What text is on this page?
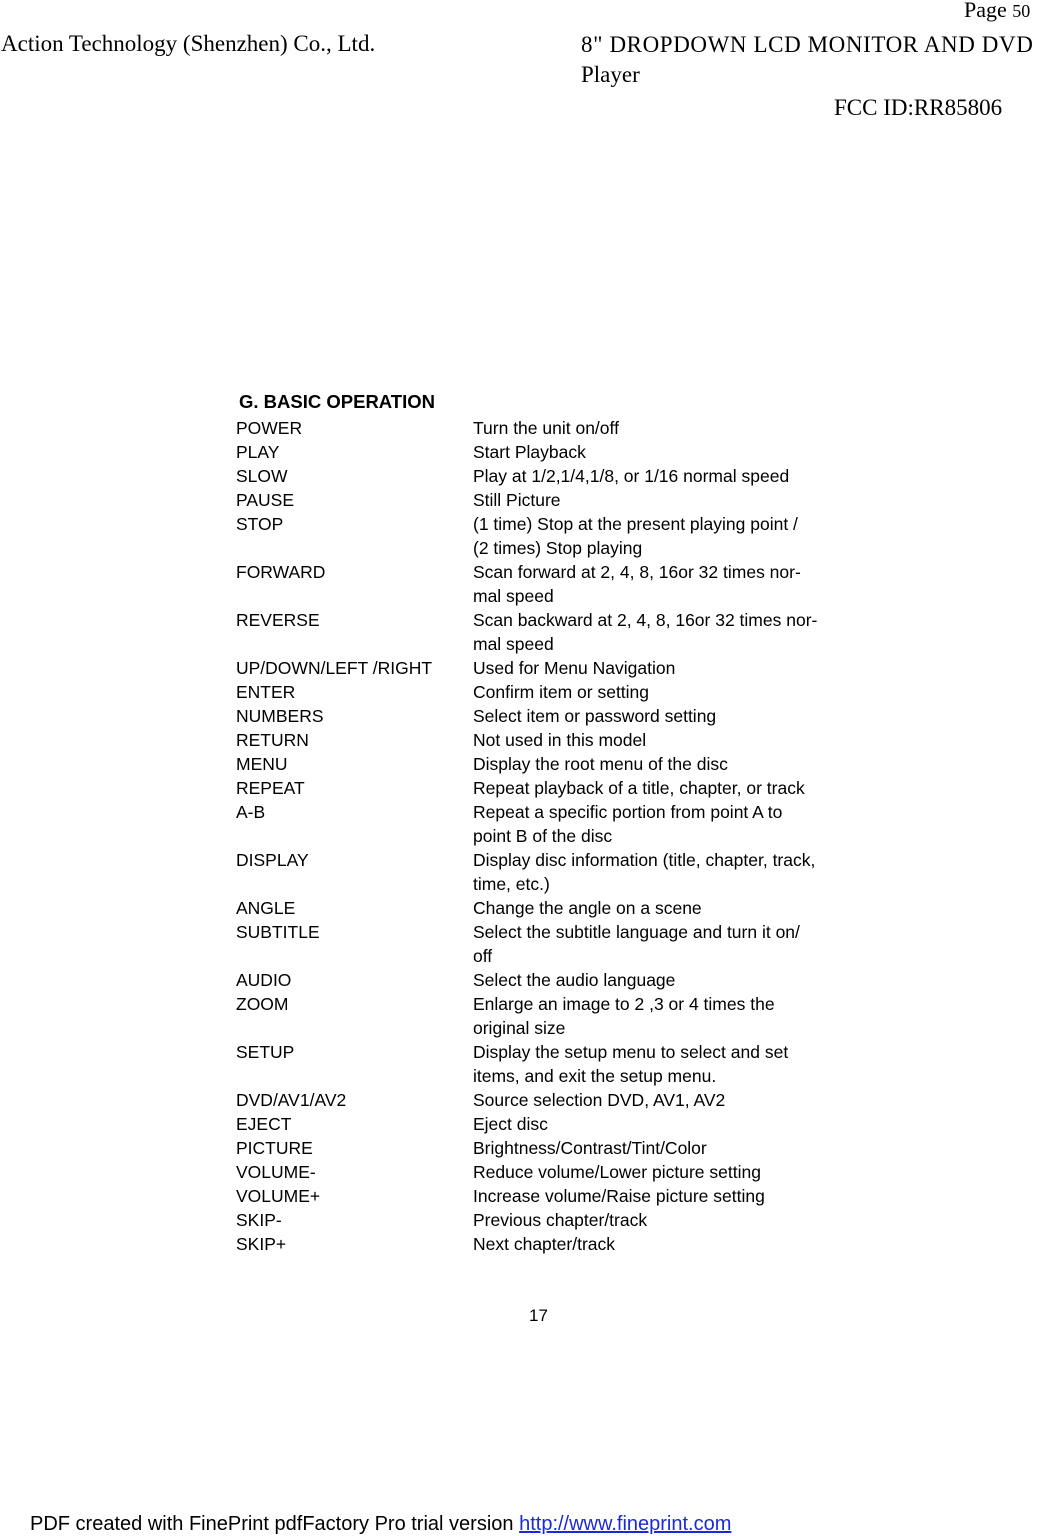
Page 50
Action Technology (Shenzhen) Co., Ltd.	8" DROPDOWN LCD MONITOR AND DVD
Player
FCC ID:RR85806
G. BASIC OPERATION
POWER	Turn the unit on/off
PLAY	Start Playback
SLOW	Play at 1/2,1/4,1/8, or 1/16 normal speed
PAUSE	Still Picture
STOP	(1 time) Stop at the present playing point /
(2 times) Stop playing
FORWARD	Scan forward at 2, 4, 8, 16or 32 times nor-
mal speed
REVERSE	Scan backward at 2, 4, 8, 16or 32 times nor-
mal speed
UP/DOWN/LEFT /RIGHT	Used for Menu Navigation
ENTER	Confirm item or setting
NUMBERS	Select item or password setting
RETURN	Not used in this model
MENU	Display the root menu of the disc
REPEAT	Repeat playback of a title, chapter, or track
A-B	Repeat a specific portion from point A to
point B of the disc
DISPLAY	Display disc information (title, chapter, track,
time, etc.)
ANGLE	Change the angle on a scene
SUBTITLE	Select the subtitle language and turn it on/
off
AUDIO	Select the audio language
ZOOM	Enlarge an image to 2 ,3 or 4 times the
original size
SETUP	Display the setup menu to select and set
items, and exit the setup menu.
DVD/AV1/AV2	Source selection DVD, AV1, AV2
EJECT	Eject disc
PICTURE	Brightness/Contrast/Tint/Color
VOLUME-	Reduce volume/Lower picture setting
VOLUME+	Increase volume/Raise picture setting
SKIP-	Previous chapter/track
SKIP+	Next chapter/track
17
PDF created with FinePrint pdfFactory Pro trial version http://www.fineprint.com
